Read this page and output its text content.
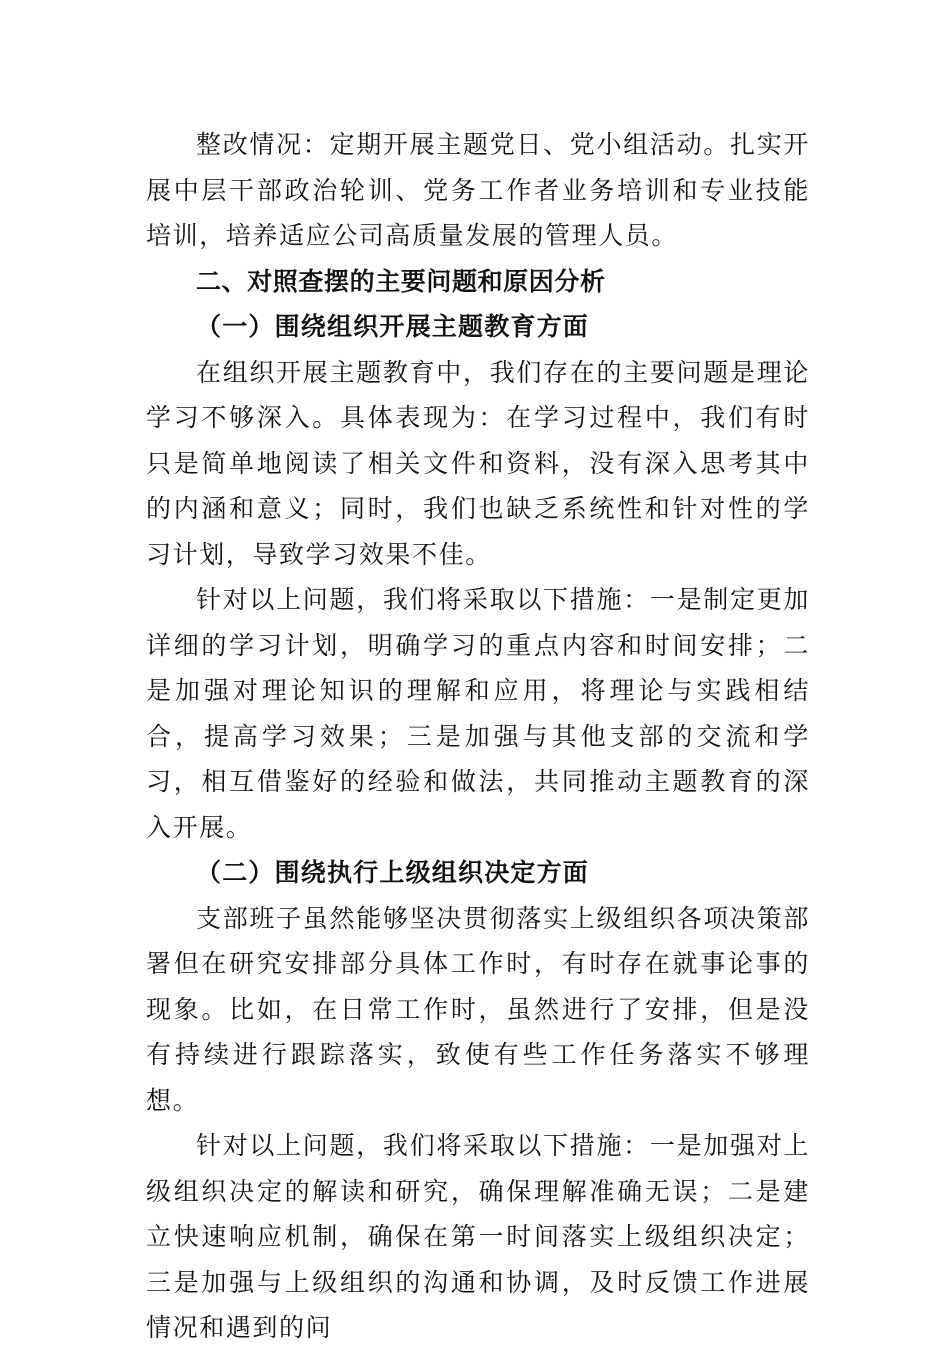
整改情况：定期开展主题党日、党小组活动。扎实开展中层干部政治轮训、党务工作者业务培训和专业技能培训，培养适应公司高质量发展的管理人员。

二、对照查摆的主要问题和原因分析

（一）围绕组织开展主题教育方面

在组织开展主题教育中，我们存在的主要问题是理论学习不够深入。具体表现为：在学习过程中，我们有时只是简单地阅读了相关文件和资料，没有深入思考其中的内涵和意义；同时，我们也缺乏系统性和针对性的学习计划，导致学习效果不佳。

针对以上问题，我们将采取以下措施：一是制定更加详细的学习计划，明确学习的重点内容和时间安排；二是加强对理论知识的理解和应用，将理论与实践相结合，提高学习效果；三是加强与其他支部的交流和学习，相互借鉴好的经验和做法，共同推动主题教育的深入开展。

（二）围绕执行上级组织决定方面

支部班子虽然能够坚决贯彻落实上级组织各项决策部署但在研究安排部分具体工作时，有时存在就事论事的现象。比如，在日常工作时，虽然进行了安排，但是没有持续进行跟踪落实，致使有些工作任务落实不够理想。

针对以上问题，我们将采取以下措施：一是加强对上级组织决定的解读和研究，确保理解准确无误；二是建立快速响应机制，确保在第一时间落实上级组织决定；三是加强与上级组织的沟通和协调，及时反馈工作进展情况和遇到的问
